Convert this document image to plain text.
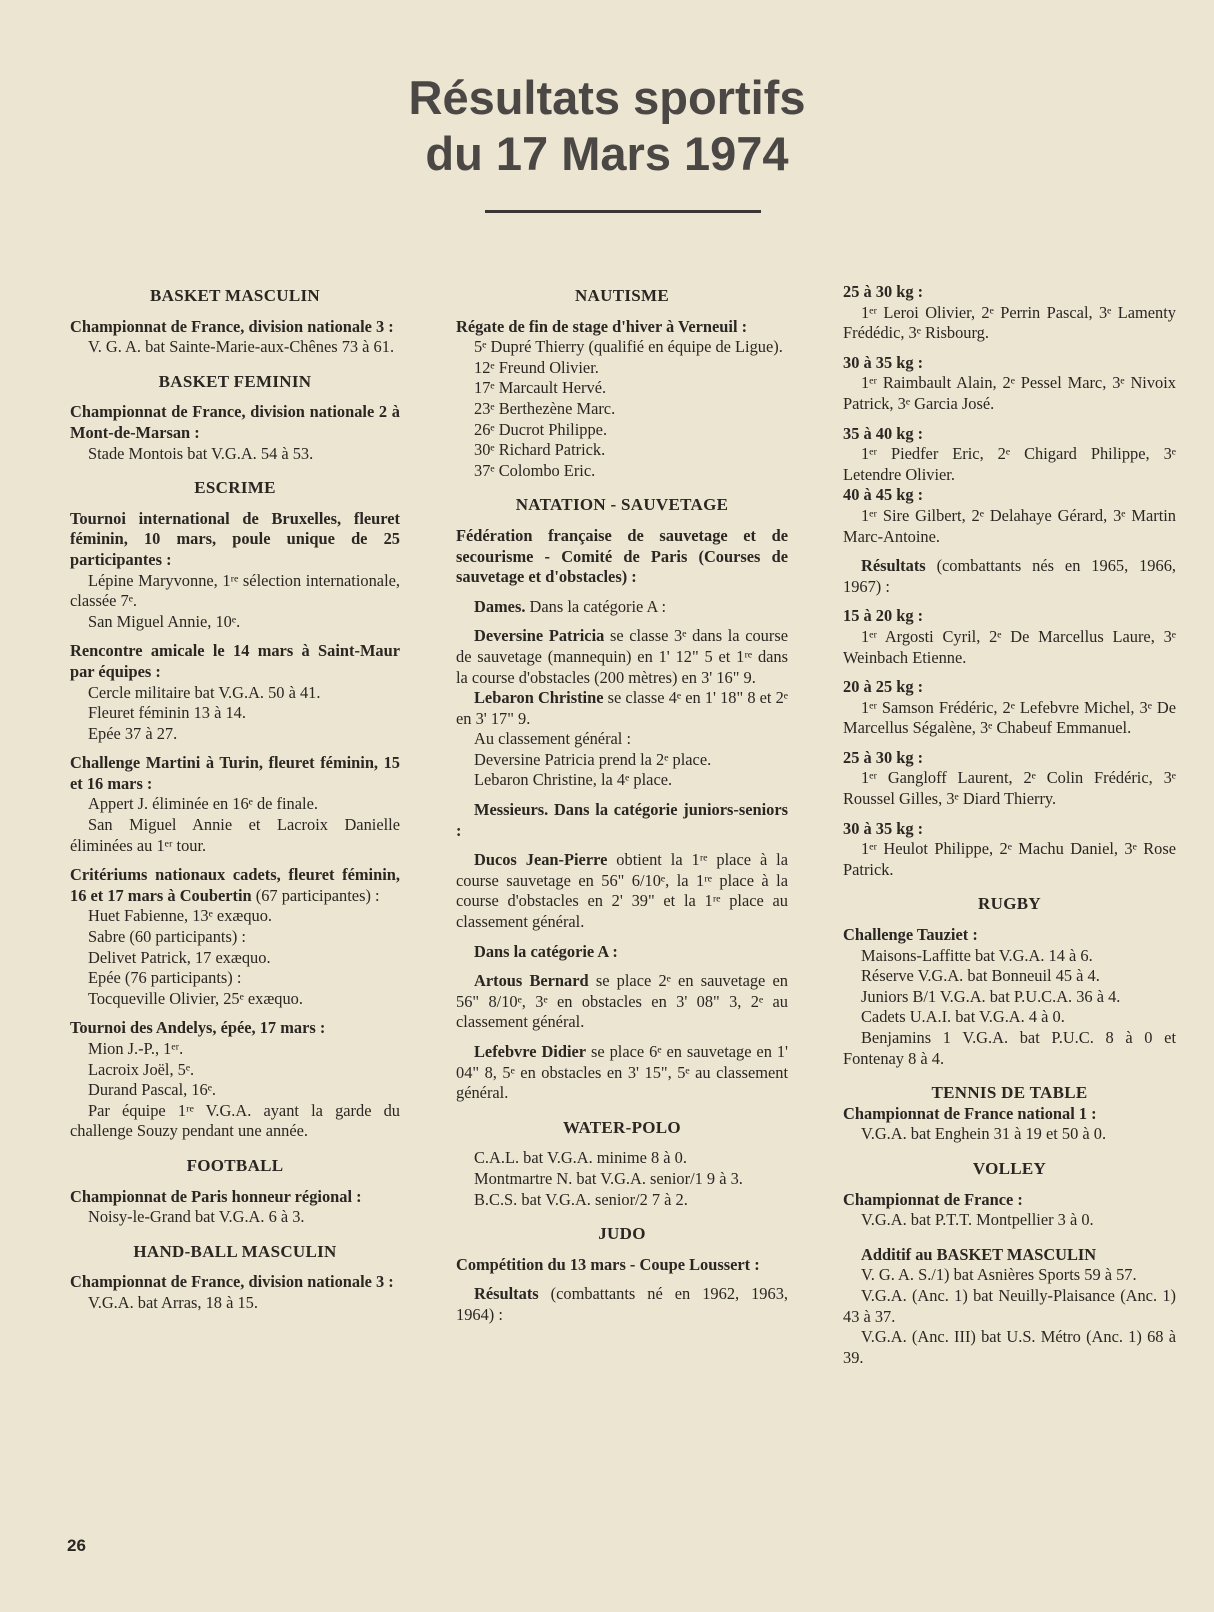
Résultats sportifs
du 17 Mars 1974
BASKET MASCULIN
Championnat de France, division nationale 3 :
V. G. A. bat Sainte-Marie-aux-Chênes 73 à 61.
BASKET FEMININ
Championnat de France, division nationale 2 à Mont-de-Marsan :
Stade Montois bat V.G.A. 54 à 53.
ESCRIME
Tournoi international de Bruxelles, fleuret féminin, 10 mars, poule unique de 25 participantes :
Lépine Maryvonne, 1ʳᵉ sélection internationale, classée 7ᵉ.
San Miguel Annie, 10ᵉ.
Rencontre amicale le 14 mars à Saint-Maur par équipes :
Cercle militaire bat V.G.A. 50 à 41.
Fleuret féminin 13 à 14.
Epée 37 à 27.
Challenge Martini à Turin, fleuret féminin, 15 et 16 mars :
Appert J. éliminée en 16ᵉ de finale.
San Miguel Annie et Lacroix Danielle éliminées au 1ᵉʳ tour.
Critériums nationaux cadets, fleuret féminin, 16 et 17 mars à Coubertin (67 participantes) :
Huet Fabienne, 13ᵉ exæquo.
Sabre (60 participants) :
Delivet Patrick, 17 exæquo.
Epée (76 participants) :
Tocqueville Olivier, 25ᵉ exæquo.
Tournoi des Andelys, épée, 17 mars :
Mion J.-P., 1ᵉʳ.
Lacroix Joël, 5ᵉ.
Durand Pascal, 16ᵉ.
Par équipe 1ʳᵉ V.G.A. ayant la garde du challenge Souzy pendant une année.
FOOTBALL
Championnat de Paris honneur régional :
Noisy-le-Grand bat V.G.A. 6 à 3.
HAND-BALL MASCULIN
Championnat de France, division nationale 3 :
V.G.A. bat Arras, 18 à 15.
NAUTISME
Régate de fin de stage d'hiver à Verneuil :
5ᵉ Dupré Thierry (qualifié en équipe de Ligue).
12ᵉ Freund Olivier.
17ᵉ Marcault Hervé.
23ᵉ Berthezène Marc.
26ᵉ Ducrot Philippe.
30ᵉ Richard Patrick.
37ᵉ Colombo Eric.
NATATION - SAUVETAGE
Fédération française de sauvetage et de secourisme - Comité de Paris (Courses de sauvetage et d'obstacles) :
Dames. Dans la catégorie A :
Deversine Patricia se classe 3ᵉ dans la course de sauvetage (mannequin) en 1' 12" 5 et 1ʳᵉ dans la course d'obstacles (200 mètres) en 3' 16" 9.
Lebaron Christine se classe 4ᵉ en 1' 18" 8 et 2ᵉ en 3' 17" 9.
Au classement général :
Deversine Patricia prend la 2ᵉ place.
Lebaron Christine, la 4ᵉ place.
Messieurs. Dans la catégorie juniors-seniors :
Ducos Jean-Pierre obtient la 1ʳᵉ place à la course sauvetage en 56" 6/10ᵉ, la 1ʳᵉ place à la course d'obstacles en 2' 39" et la 1ʳᵉ place au classement général.
Dans la catégorie A :
Artous Bernard se place 2ᵉ en sauvetage en 56" 8/10ᵉ, 3ᵉ en obstacles en 3' 08" 3, 2ᵉ au classement général.
Lefebvre Didier se place 6ᵉ en sauvetage en 1' 04" 8, 5ᵉ en obstacles en 3' 15", 5ᵉ au classement général.
WATER-POLO
C.A.L. bat V.G.A. minime 8 à 0.
Montmartre N. bat V.G.A. senior/1 9 à 3.
B.C.S. bat V.G.A. senior/2 7 à 2.
JUDO
Compétition du 13 mars - Coupe Loussert :
Résultats (combattants né en 1962, 1963, 1964) :
25 à 30 kg :
1ᵉʳ Leroi Olivier, 2ᵉ Perrin Pascal, 3ᵉ Lamenty Frédédic, 3ᵉ Risbourg.
30 à 35 kg :
1ᵉʳ Raimbault Alain, 2ᵉ Pessel Marc, 3ᵉ Nivoix Patrick, 3ᵉ Garcia José.
35 à 40 kg :
1ᵉʳ Piedfer Eric, 2ᵉ Chigard Philippe, 3ᵉ Letendre Olivier.
40 à 45 kg :
1ᵉʳ Sire Gilbert, 2ᵉ Delahaye Gérard, 3ᵉ Martin Marc-Antoine.
Résultats (combattants nés en 1965, 1966, 1967) :
15 à 20 kg :
1ᵉʳ Argosti Cyril, 2ᵉ De Marcellus Laure, 3ᵉ Weinbach Etienne.
20 à 25 kg :
1ᵉʳ Samson Frédéric, 2ᵉ Lefebvre Michel, 3ᵉ De Marcellus Ségalène, 3ᵉ Chabeuf Emmanuel.
25 à 30 kg :
1ᵉʳ Gangloff Laurent, 2ᵉ Colin Frédéric, 3ᵉ Roussel Gilles, 3ᵉ Diard Thierry.
30 à 35 kg :
1ᵉʳ Heulot Philippe, 2ᵉ Machu Daniel, 3ᵉ Rose Patrick.
RUGBY
Challenge Tauziet :
Maisons-Laffitte bat V.G.A. 14 à 6.
Réserve V.G.A. bat Bonneuil 45 à 4.
Juniors B/1 V.G.A. bat P.U.C.A. 36 à 4.
Cadets U.A.I. bat V.G.A. 4 à 0.
Benjamins 1 V.G.A. bat P.U.C. 8 à 0 et Fontenay 8 à 4.
TENNIS DE TABLE
Championnat de France national 1 :
V.G.A. bat Enghein 31 à 19 et 50 à 0.
VOLLEY
Championnat de France :
V.G.A. bat P.T.T. Montpellier 3 à 0.
Additif au BASKET MASCULIN
V. G. A. S./1) bat Asnières Sports 59 à 57.
V.G.A. (Anc. 1) bat Neuilly-Plaisance (Anc. 1) 43 à 37.
V.G.A. (Anc. III) bat U.S. Métro (Anc. 1) 68 à 39.
26
